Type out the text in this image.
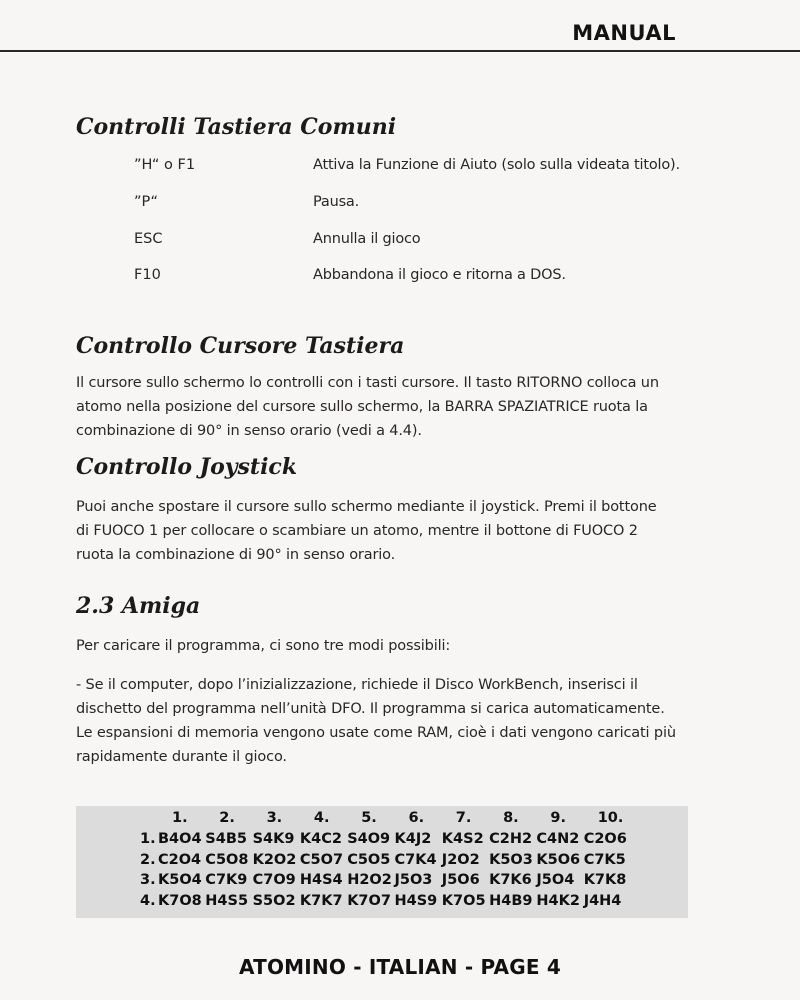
MANUAL
Controlli Tastiera Comuni
”H“ o F1	Attiva la Funzione di Aiuto (solo sulla videata titolo).
”P“	Pausa.
ESC	Annulla il gioco
F10	Abbandona il gioco e ritorna a DOS.
Controllo Cursore Tastiera
Il cursore sullo schermo lo controlli con i tasti cursore. Il tasto RITORNO colloca un
atomo nella posizione del cursore sullo schermo, la BARRA SPAZIATRICE ruota la
combinazione di 90° in senso orario (vedi a 4.4).
Controllo Joystick
Puoi anche spostare il cursore sullo schermo mediante il joystick. Premi il bottone
di FUOCO 1 per collocare o scambiare un atomo, mentre il bottone di FUOCO 2
ruota la combinazione di 90° in senso orario.
2.3 Amiga
Per caricare il programma, ci sono tre modi possibili:
- Se il computer, dopo l’inizializzazione, richiede il Disco WorkBench, inserisci il
dischetto del programma nell’unità DFO. Il programma si carica automaticamente.
Le espansioni di memoria vengono usate come RAM, cioè i dati vengono caricati più
rapidamente durante il gioco.
1. 2. 3. 4. 5. 6. 7. 8. 9. 10.
1. B4O4 S4B5 S4K9 K4C2 S4O9 K4J2 K4S2 C2H2 C4N2 C2O6
2. C2O4 C5O8 K2O2 C5O7 C5O5 C7K4 J2O2 K5O3 K5O6 C7K5
3. K5O4 C7K9 C7O9 H4S4 H2O2 J5O3 J5O6 K7K6 J5O4 K7K8
4. K7O8 H4S5 S5O2 K7K7 K7O7 H4S9 K7O5 H4B9 H4K2 J4H4
ATOMINO - ITALIAN - PAGE 4
